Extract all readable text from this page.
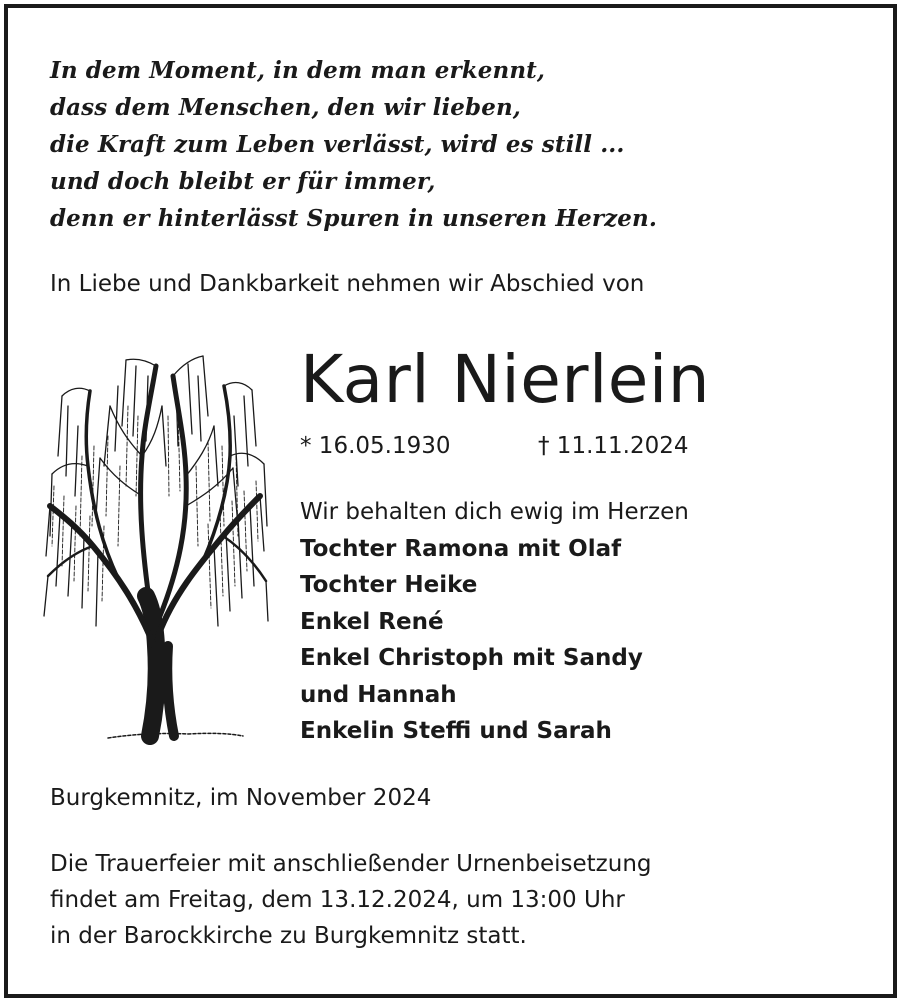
In dem Moment, in dem man erkennt,
dass dem Menschen, den wir lieben,
die Kraft zum Leben verlässt, wird es still ...
und doch bleibt er für immer,
denn er hinterlässt Spuren in unseren Herzen.
In Liebe und Dankbarkeit nehmen wir Abschied von
Karl Nierlein
* 16.05.1930	† 11.11.2024
Wir behalten dich ewig im Herzen
Tochter Ramona mit Olaf
Tochter Heike
Enkel René
Enkel Christoph mit Sandy
und Hannah
Enkelin Steffi und Sarah
Burgkemnitz, im November 2024
Die Trauerfeier mit anschließender Urnenbeisetzung
findet am Freitag, dem 13.12.2024, um 13:00 Uhr
in der Barockkirche zu Burgkemnitz statt.
